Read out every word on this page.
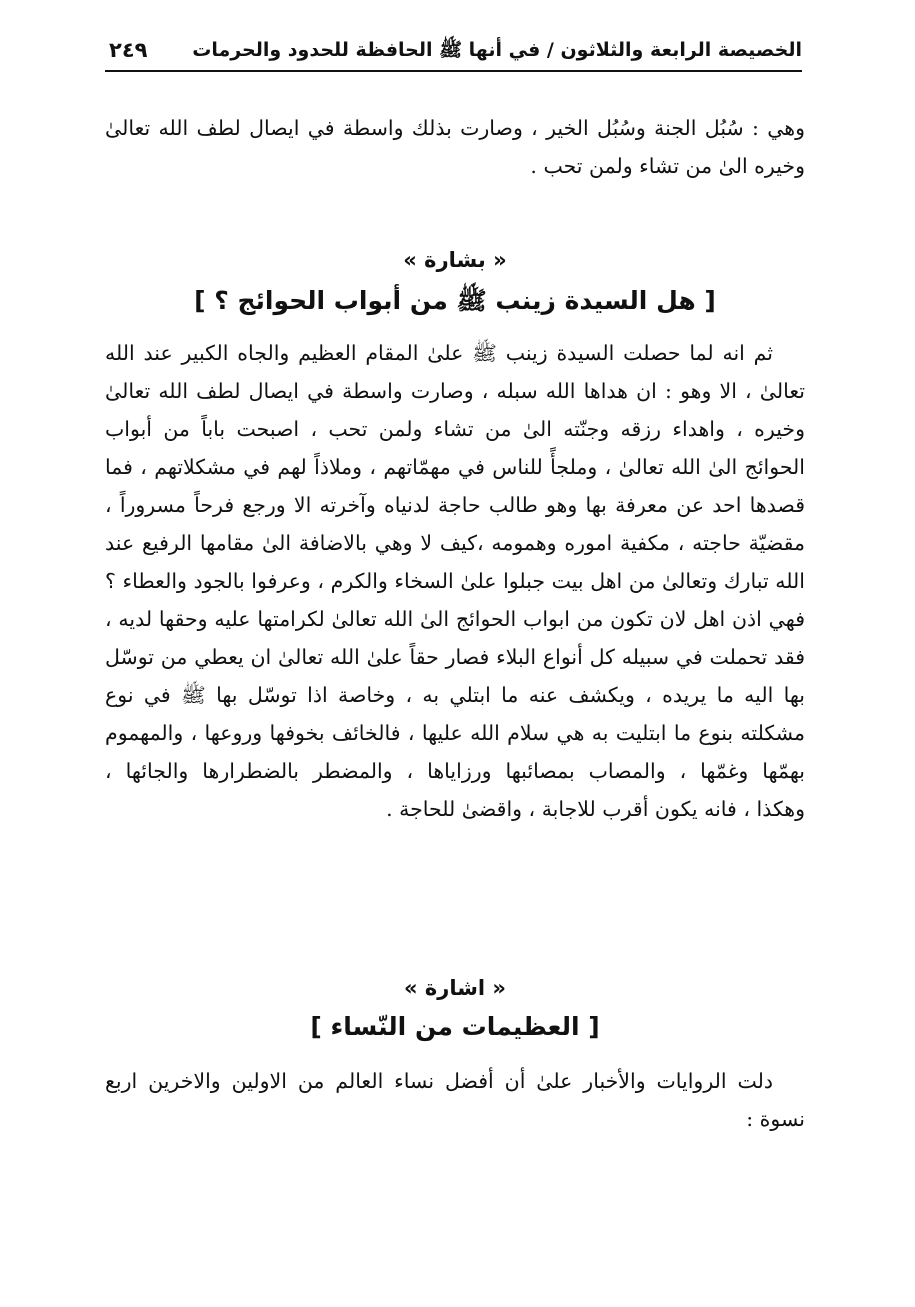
الخصيصة الرابعة والثلاثون / في أنها ﷺ الحافظة للحدود والحرمات
٢٤٩
وهي : سُبُل الجنة وسُبُل الخير ، وصارت بذلك واسطة في ايصال لطف الله تعالىٰ
وخيره الىٰ من تشاء ولمن تحب .
« بشارة »
[ هل السيدة زينب ﷺ من أبواب الحوائج ؟ ]
ثم انه لما حصلت السيدة زينب ﷺ علىٰ المقام العظيم والجاه الكبير عند الله
تعالىٰ ، الا وهو : ان هداها الله سبله ، وصارت واسطة في ايصال لطف الله تعالىٰ
وخيره ، واهداء رزقه وجنّته الىٰ من تشاء ولمن تحب ، اصبحت باباً من أبواب
الحوائج الىٰ الله تعالىٰ ، وملجأً للناس في مهمّاتهم ، وملاذاً لهم في مشكلاتهم ، فما
قصدها احد عن معرفة بها وهو طالب حاجة لدنياه وآخرته الا ورجع فرحاً مسروراً ،
مقضيّة حاجته ، مكفية اموره وهمومه ،كيف لا وهي بالاضافة الىٰ مقامها الرفيع عند
الله تبارك وتعالىٰ من اهل بيت جبلوا علىٰ السخاء والكرم ، وعرفوا بالجود والعطاء ؟
فهي اذن اهل لان تكون من ابواب الحوائج الىٰ الله تعالىٰ لكرامتها عليه وحقها لديه ،
فقد تحملت في سبيله كل أنواع البلاء فصار حقاً علىٰ الله تعالىٰ ان يعطي من توسّل
بها اليه ما يريده ، ويكشف عنه ما ابتلي به ، وخاصة اذا توسّل بها ﷺ في نوع
مشكلته بنوع ما ابتليت به هي سلام الله عليها ، فالخائف بخوفها وروعها ، والمهموم
بهمّها وغمّها ، والمصاب بمصائبها ورزاياها ، والمضطر بالضطرارها والجائها ،
وهكذا ، فانه يكون أقرب للاجابة ، واقضىٰ للحاجة .
« اشارة »
[ العظيمات من النّساء ]
دلت الروايات والأخبار علىٰ أن أفضل نساء العالم من الاولين والاخرين اربع
نسوة :
